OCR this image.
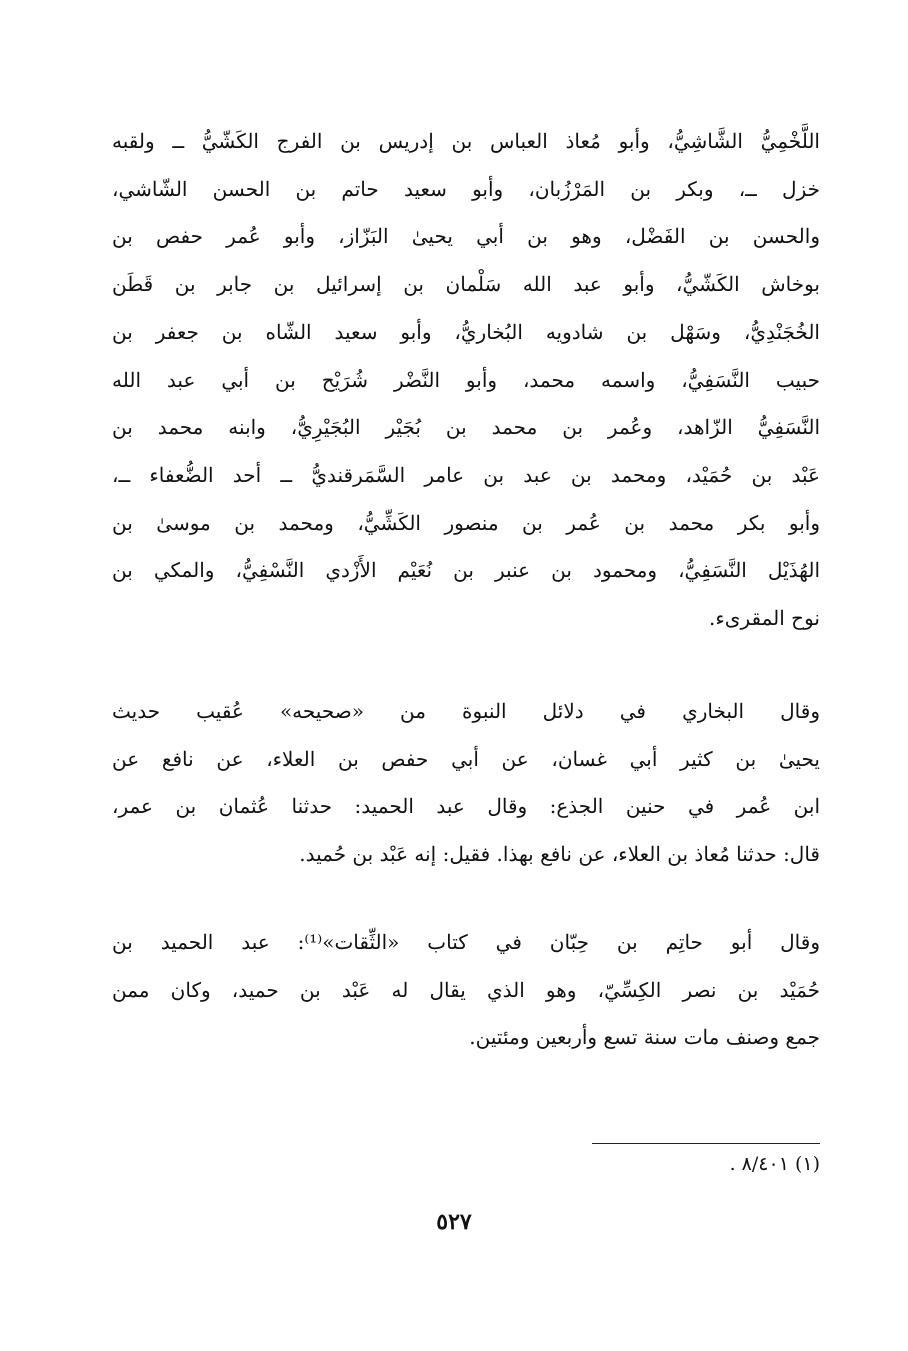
اللَّخْمِيُّ الشَّاشِيُّ، وأبو مُعاذ العباس بن إدريس بن الفرج الكَشّيُّ ــ ولقبه
خزل ــ، وبكر بن المَرْزُبان، وأبو سعيد حاتم بن الحسن الشّاشي،
والحسن بن الفَضْل، وهو بن أبي يحيىٰ البَزّاز، وأبو عُمر حفص بن
بوخاش الكَشّيُّ، وأبو عبد الله سَلْمان بن إسرائيل بن جابر بن قَطَن
الخُجَنْدِيُّ، وسَهْل بن شادويه البُخاريُّ، وأبو سعيد الشّاه بن جعفر بن
حبيب النَّسَفِيُّ، واسمه محمد، وأبو النَّضْر شُرَيْح بن أبي عبد الله
النَّسَفِيُّ الزّاهد، وعُمر بن محمد بن بُجَيْر البُجَيْرِيُّ، وابنه محمد بن
عَبْد بن حُمَيْد، ومحمد بن عبد بن عامر السَّمَرقنديُّ ــ أحد الضُّعفاء ــ،
وأبو بكر محمد بن عُمر بن منصور الكَشِّيُّ، ومحمد بن موسىٰ بن
الهُذَيْل النَّسَفِيُّ، ومحمود بن عنبر بن نُعَيْم الأَزْدي النَّسْفِيُّ، والمكي بن
نوح المقرىء.
وقال البخاري في دلائل النبوة من «صحيحه» عُقيب حديث
يحيىٰ بن كثير أبي غسان، عن أبي حفص بن العلاء، عن نافع عن
ابن عُمر في حنين الجذع: وقال عبد الحميد: حدثنا عُثمان بن عمر،
قال: حدثنا مُعاذ بن العلاء، عن نافع بهذا. فقيل: إنه عَبْد بن حُميد.
وقال أبو حاتِم بن حِبّان في كتاب «الثِّقات»⁽¹⁾: عبد الحميد بن
حُمَيْد بن نصر الكِسِّيّ، وهو الذي يقال له عَبْد بن حميد، وكان ممن
جمع وصنف مات سنة تسع وأربعين ومئتين.
(١) ٨/٤٠١ .
٥٢٧
